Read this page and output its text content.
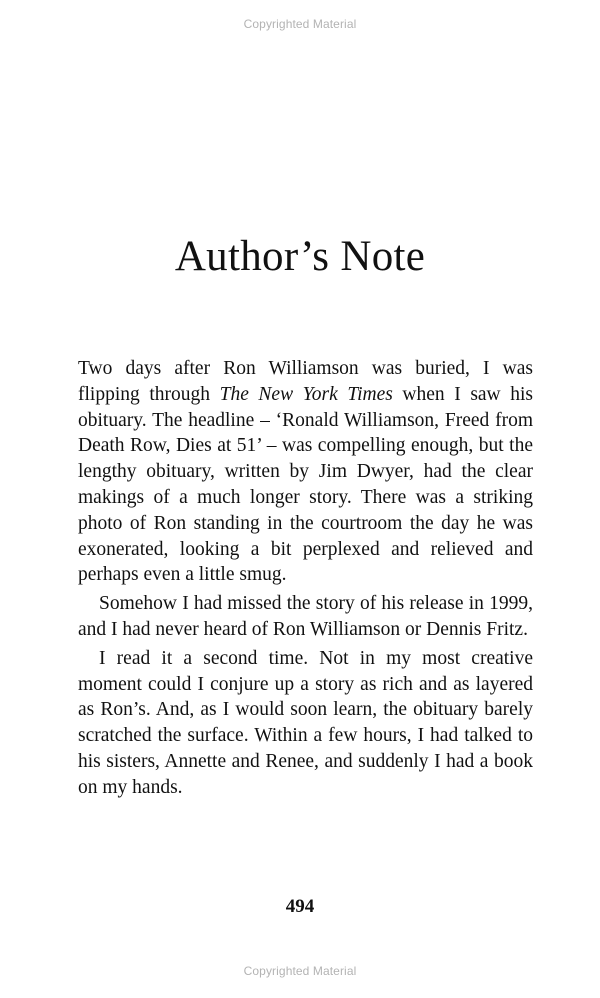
Copyrighted Material
Author’s Note

Two days after Ron Williamson was buried, I was flipping through The New York Times when I saw his obituary. The headline – ‘Ronald Williamson, Freed from Death Row, Dies at 51’ – was compelling enough, but the lengthy obituary, written by Jim Dwyer, had the clear makings of a much longer story. There was a striking photo of Ron standing in the courtroom the day he was exonerated, looking a bit perplexed and relieved and perhaps even a little smug.

Somehow I had missed the story of his release in 1999, and I had never heard of Ron Williamson or Dennis Fritz.

I read it a second time. Not in my most creative moment could I conjure up a story as rich and as layered as Ron’s. And, as I would soon learn, the obituary barely scratched the surface. Within a few hours, I had talked to his sisters, Annette and Renee, and suddenly I had a book on my hands.

494
Copyrighted Material
